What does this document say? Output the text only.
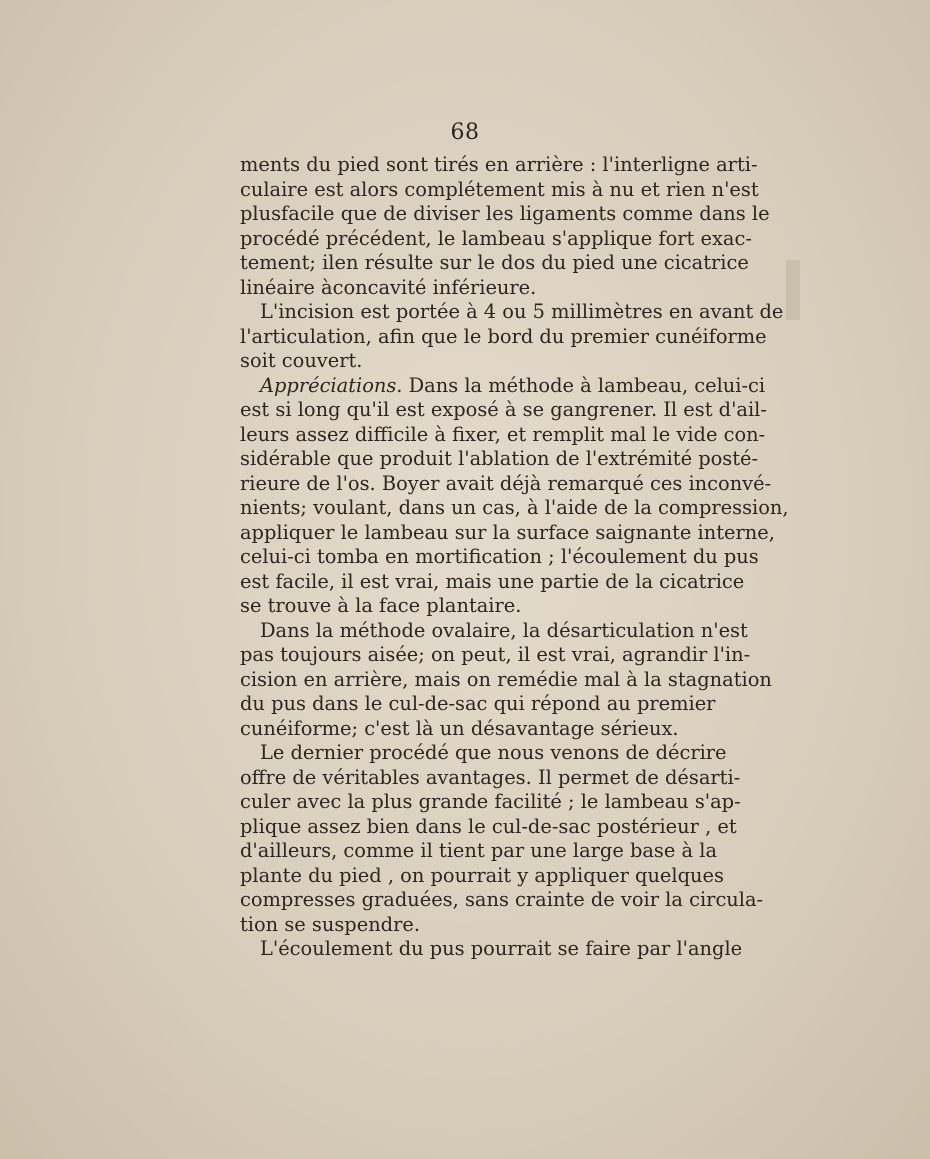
68
ments du pied sont tirés en arrière : l'interligne arti-
culaire est alors complétement mis à nu et rien n'est
plusfacile que de diviser les ligaments comme dans le
procédé précédent, le lambeau s'applique fort exac-
tement; ilen résulte sur le dos du pied une cicatrice
linéaire àconcavité inférieure.
L'incision est portée à 4 ou 5 millimètres en avant de
l'articulation, afin que le bord du premier cunéiforme
soit couvert.
Appréciations. Dans la méthode à lambeau, celui-ci
est si long qu'il est exposé à se gangrener. Il est d'ail-
leurs assez difficile à fixer, et remplit mal le vide con-
sidérable que produit l'ablation de l'extrémité posté-
rieure de l'os. Boyer avait déjà remarqué ces inconvé-
nients; voulant, dans un cas, à l'aide de la compression,
appliquer le lambeau sur la surface saignante interne,
celui-ci tomba en mortification ; l'écoulement du pus
est facile, il est vrai, mais une partie de la cicatrice
se trouve à la face plantaire.
Dans la méthode ovalaire, la désarticulation n'est
pas toujours aisée; on peut, il est vrai, agrandir l'in-
cision en arrière, mais on remédie mal à la stagnation
du pus dans le cul-de-sac qui répond au premier
cunéiforme; c'est là un désavantage sérieux.
Le dernier procédé que nous venons de décrire
offre de véritables avantages. Il permet de désarti-
culer avec la plus grande facilité ; le lambeau s'ap-
plique assez bien dans le cul-de-sac postérieur , et
d'ailleurs, comme il tient par une large base à la
plante du pied , on pourrait y appliquer quelques
compresses graduées, sans crainte de voir la circula-
tion se suspendre.
L'écoulement du pus pourrait se faire par l'angle
